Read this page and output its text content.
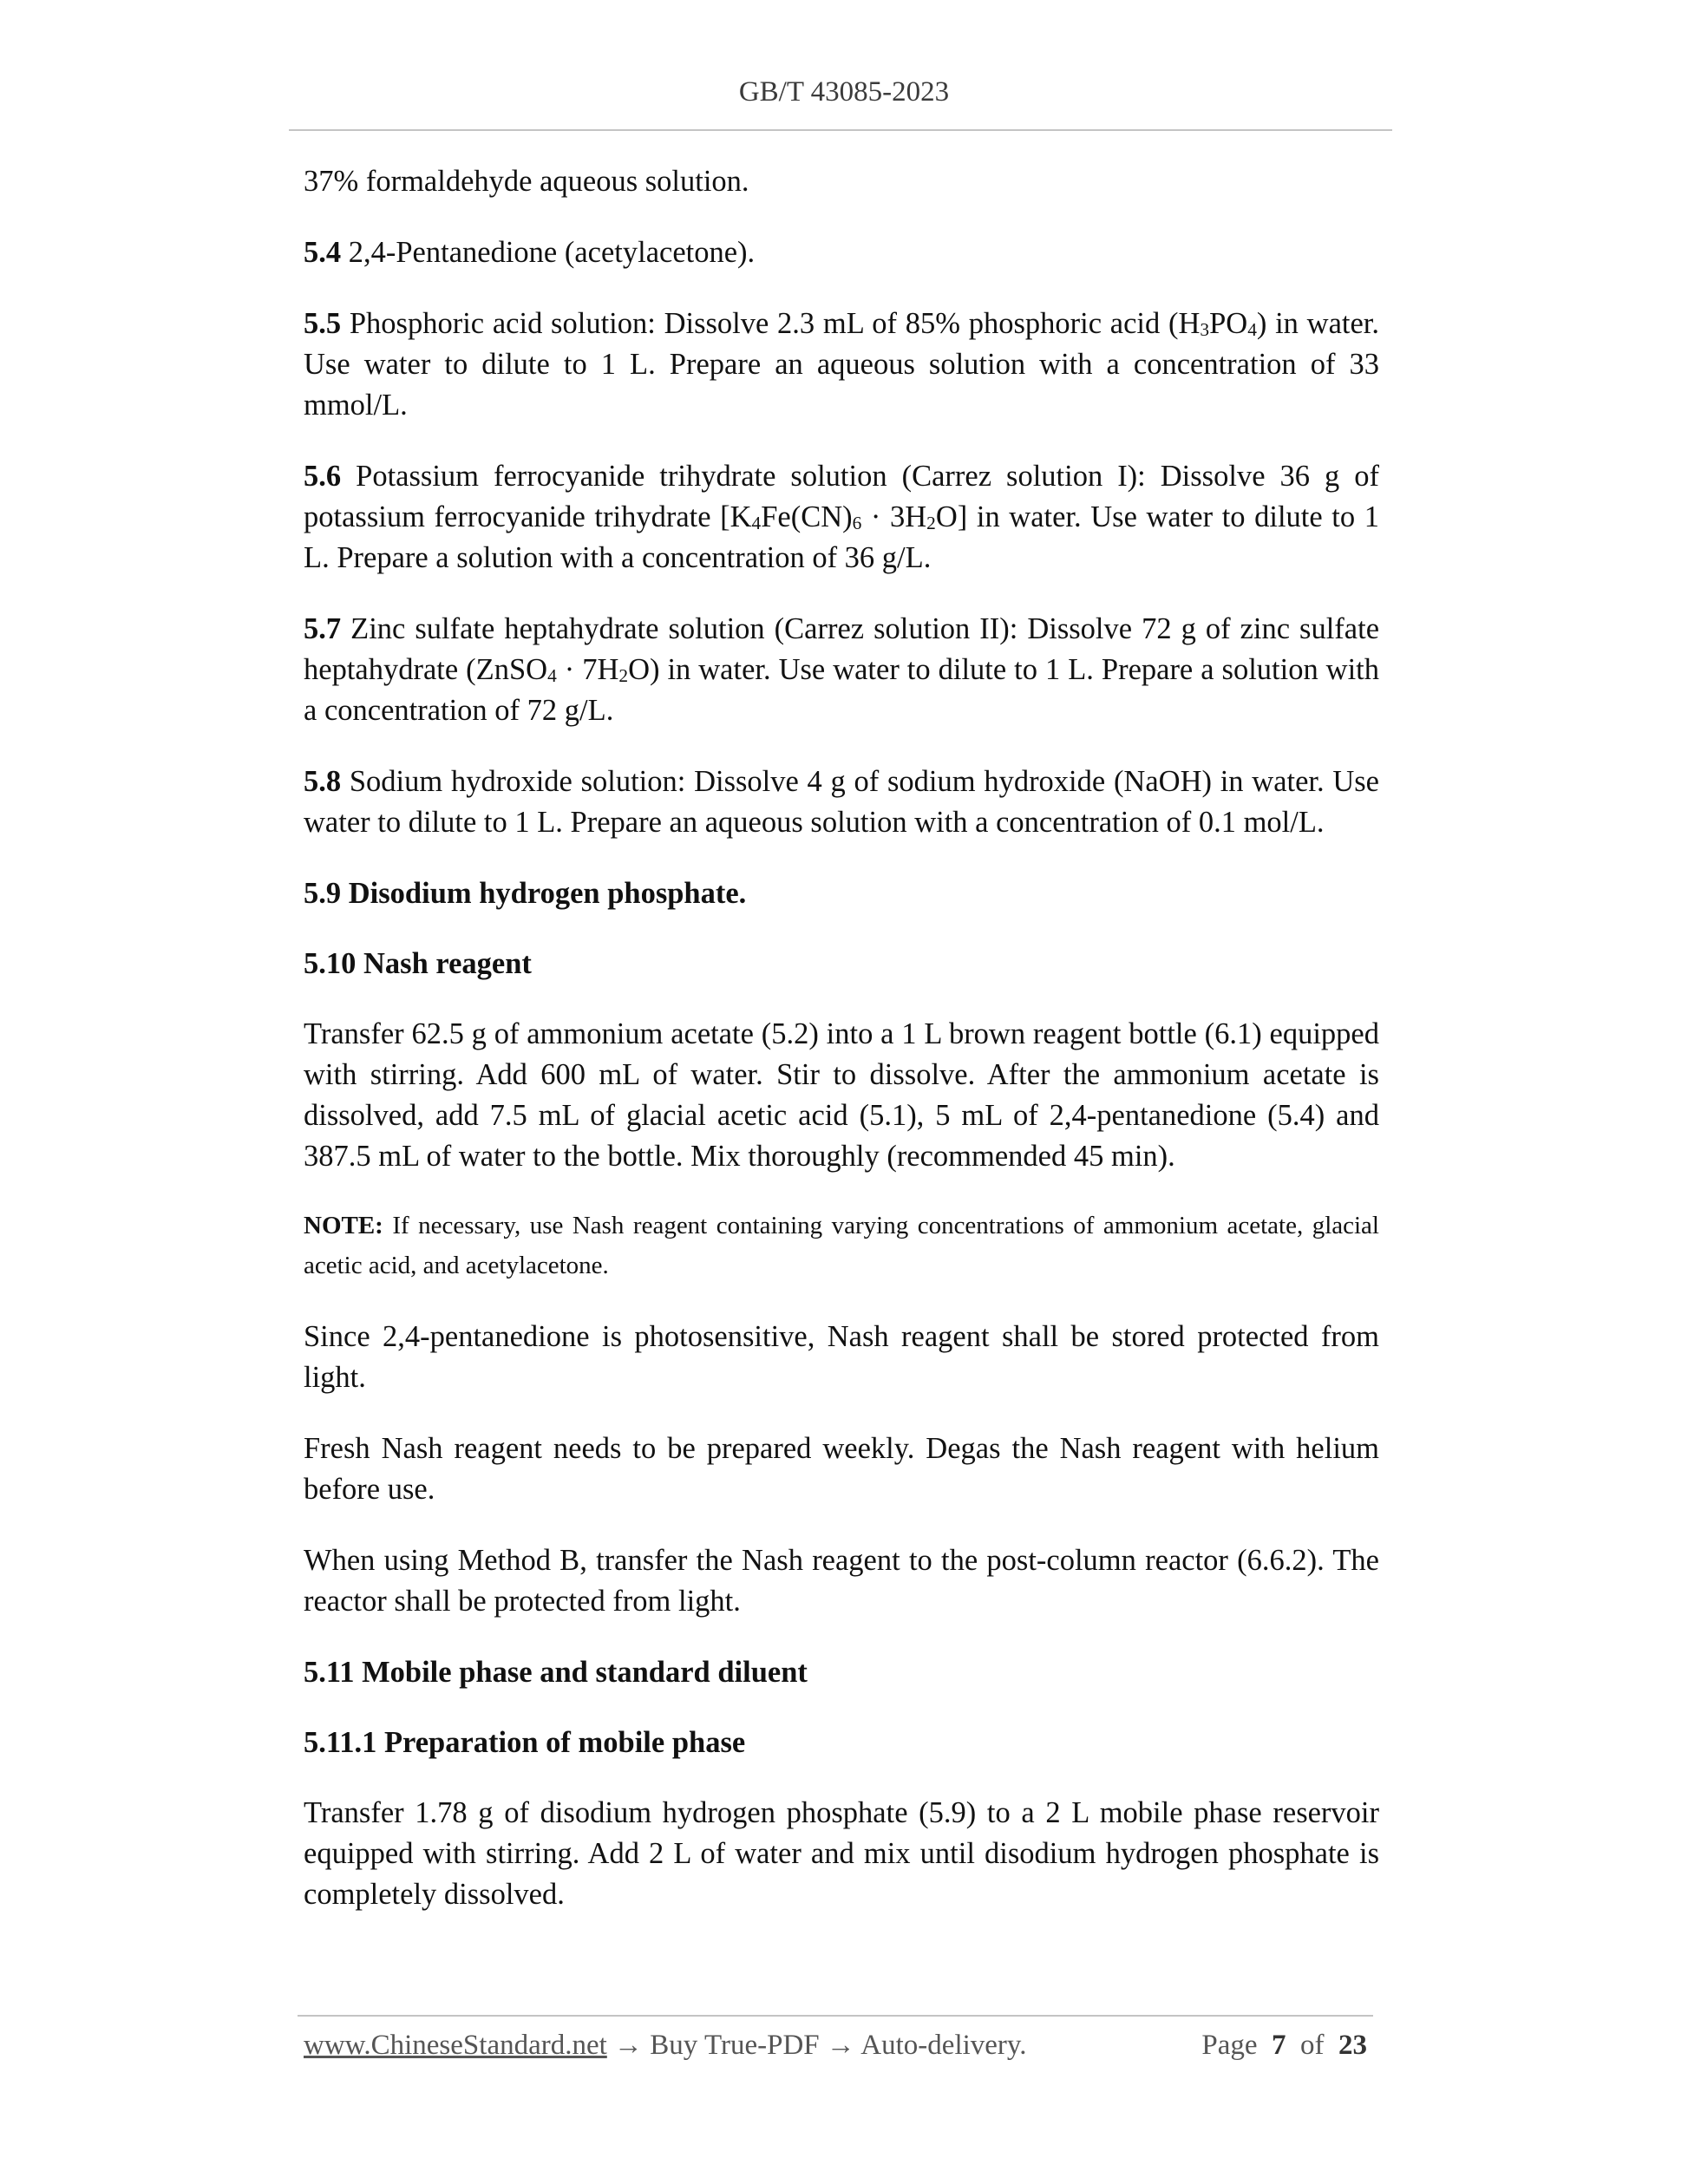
GB/T 43085-2023

37% formaldehyde aqueous solution.

5.4 2,4-Pentanedione (acetylacetone).

5.5 Phosphoric acid solution: Dissolve 2.3 mL of 85% phosphoric acid $(H_3PO_4)$ in water. Use water to dilute to 1 L. Prepare an aqueous solution with a concentration of 33 mmol/L.

5.6 Potassium ferrocyanide trihydrate solution (Carrez solution I): Dissolve 36 g of potassium ferrocyanide trihydrate $[K_4Fe(CN)_6 \cdot 3H_2O]$ in water. Use water to dilute to 1 L. Prepare a solution with a concentration of 36 g/L.

5.7 Zinc sulfate heptahydrate solution (Carrez solution II): Dissolve 72 g of zinc sulfate heptahydrate (ZnSO$_4$ · $7H_2O$) in water. Use water to dilute to 1 L. Prepare a solution with a concentration of 72 g/L.

5.8 Sodium hydroxide solution: Dissolve 4 g of sodium hydroxide (NaOH) in water. Use water to dilute to 1 L. Prepare an aqueous solution with a concentration of 0.1 mol/L.

5.9 Disodium hydrogen phosphate.

5.10 Nash reagent

Transfer 62.5 g of ammonium acetate (5.2) into a 1 L brown reagent bottle (6.1) equipped with stirring. Add 600 mL of water. Stir to dissolve. After the ammonium acetate is dissolved, add 7.5 mL of glacial acetic acid (5.1), 5 mL of 2,4-pentanedione (5.4) and 387.5 mL of water to the bottle. Mix thoroughly (recommended 45 min).

NOTE: If necessary, use Nash reagent containing varying concentrations of ammonium acetate, glacial acetic acid, and acetylacetone.

Since 2,4-pentanedione is photosensitive, Nash reagent shall be stored protected from light.

Fresh Nash reagent needs to be prepared weekly. Degas the Nash reagent with helium before use.

When using Method B, transfer the Nash reagent to the post-column reactor (6.6.2). The reactor shall be protected from light.

5.11 Mobile phase and standard diluent

5.11.1 Preparation of mobile phase

Transfer 1.78 g of disodium hydrogen phosphate (5.9) to a 2 L mobile phase reservoir equipped with stirring. Add 2 L of water and mix until disodium hydrogen phosphate is completely dissolved.

www.ChineseStandard.net → Buy True-PDF → Auto-delivery.	Page 7 of 23
